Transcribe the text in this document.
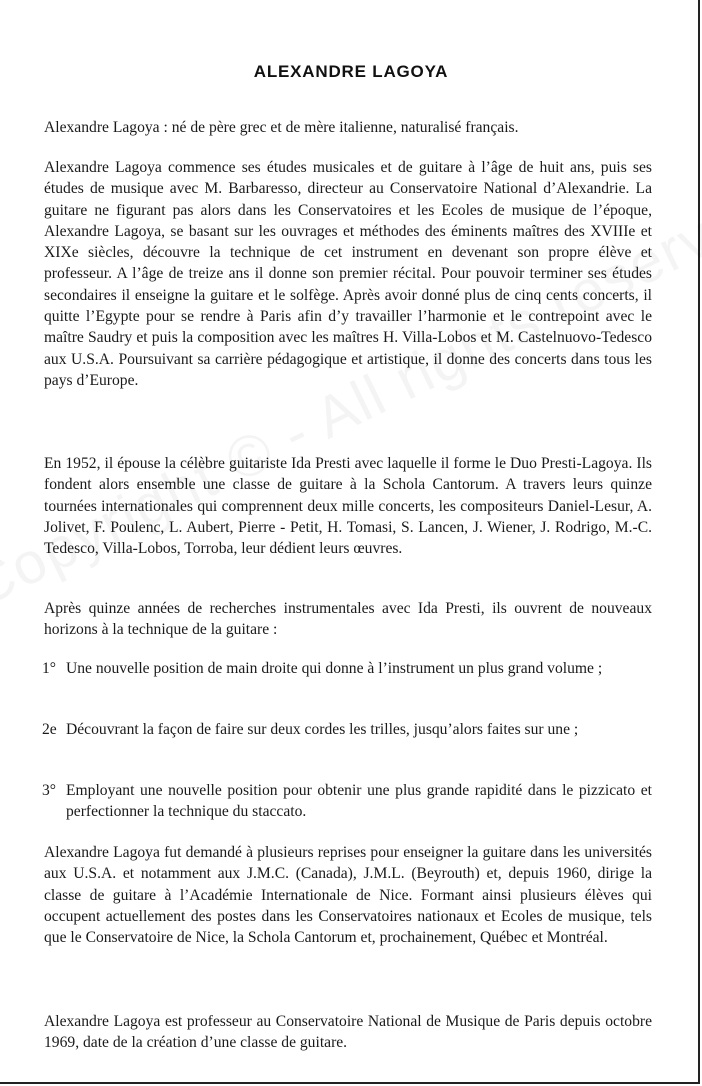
ALEXANDRE LAGOYA

Alexandre Lagoya : né de père grec et de mère italienne, naturalisé français.

Alexandre Lagoya commence ses études musicales et de guitare à l’âge de huit ans, puis ses études de musique avec M. Barbaresso, directeur au Conservatoire National d’Alexandrie. La guitare ne figurant pas alors dans les Conservatoires et les Ecoles de musique de l’époque, Alexandre Lagoya, se basant sur les ouvrages et méthodes des éminents maîtres des XVIIIe et XIXe siècles, découvre la technique de cet instrument en devenant son propre élève et professeur. A l’âge de treize ans il donne son premier récital. Pour pouvoir terminer ses études secondaires il enseigne la guitare et le solfège. Après avoir donné plus de cinq cents concerts, il quitte l’Egypte pour se rendre à Paris afin d’y travailler l’harmonie et le contrepoint avec le maître Saudry et puis la composition avec les maîtres H. Villa-Lobos et M. Castelnuovo-Tedesco aux U.S.A. Poursuivant sa carrière pédagogique et artistique, il donne des concerts dans tous les pays d’Europe.

En 1952, il épouse la célèbre guitariste Ida Presti avec laquelle il forme le Duo Presti-Lagoya. Ils fondent alors ensemble une classe de guitare à la Schola Cantorum. A travers leurs quinze tournées internationales qui comprennent deux mille concerts, les compositeurs Daniel-Lesur, A. Jolivet, F. Poulenc, L. Aubert, Pierre - Petit, H. Tomasi, S. Lancen, J. Wiener, J. Rodrigo, M.-C. Tedesco, Villa-Lobos, Torroba, leur dédient leurs œuvres.

Après quinze années de recherches instrumentales avec Ida Presti, ils ouvrent de nouveaux horizons à la technique de la guitare :

1° Une nouvelle position de main droite qui donne à l’instrument un plus grand volume ;
2e Découvrant la façon de faire sur deux cordes les trilles, jusqu’alors faites sur une ;
3° Employant une nouvelle position pour obtenir une plus grande rapidité dans le pizzicato et perfectionner la technique du staccato.

Alexandre Lagoya fut demandé à plusieurs reprises pour enseigner la guitare dans les universités aux U.S.A. et notamment aux J.M.C. (Canada), J.M.L. (Beyrouth) et, depuis 1960, dirige la classe de guitare à l’Académie Internationale de Nice. Formant ainsi plusieurs élèves qui occupent actuellement des postes dans les Conservatoires nationaux et Ecoles de musique, tels que le Conservatoire de Nice, la Schola Cantorum et, prochainement, Québec et Montréal.

Alexandre Lagoya est professeur au Conservatoire National de Musique de Paris depuis octobre 1969, date de la création d’une classe de guitare.
